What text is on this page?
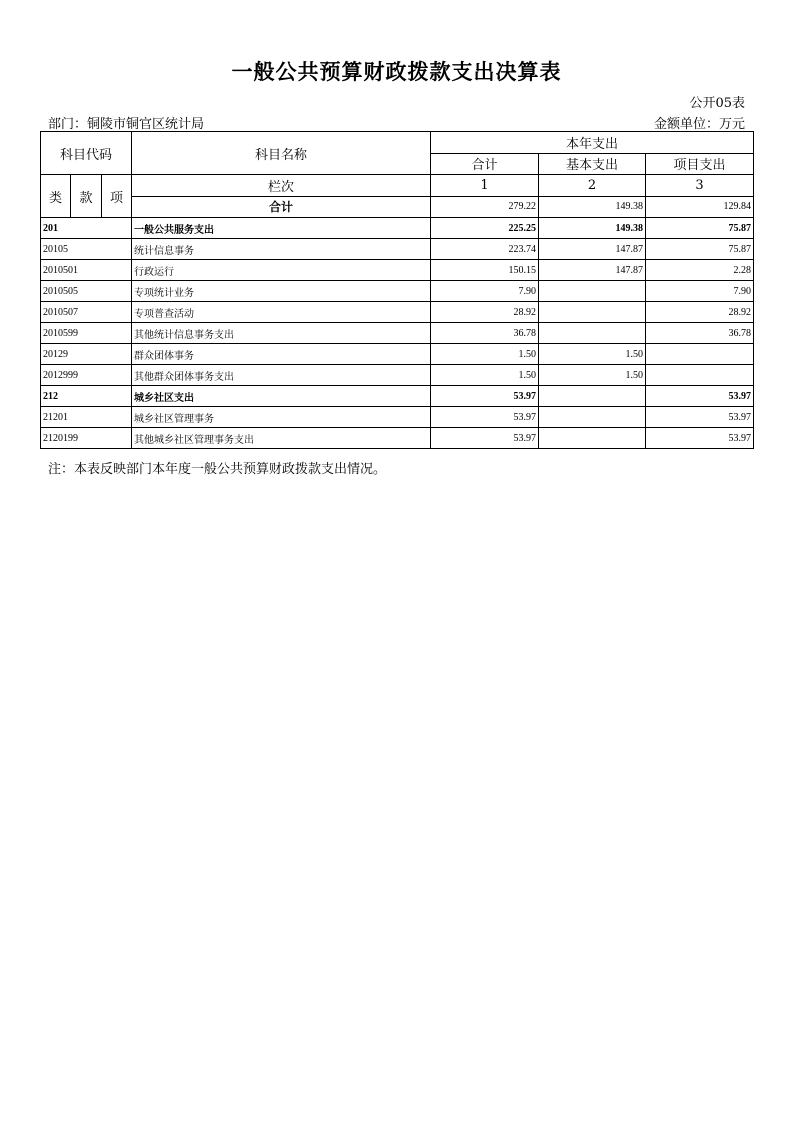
一般公共预算财政拨款支出决算表
公开05表
部门：铜陵市铜官区统计局	金额单位：万元
科目代码			科目名称	本年支出		
				合计	基本支出	项目支出
类	款	项	栏次	1	2	3
			合计	279.22	149.38	129.84
201			一般公共服务支出	225.25	149.38	75.87
20105			统计信息事务	223.74	147.87	75.87
2010501			行政运行	150.15	147.87	2.28
2010505			专项统计业务	7.90		7.90
2010507			专项普查活动	28.92		28.92
2010599			其他统计信息事务支出	36.78		36.78
20129			群众团体事务	1.50	1.50	
2012999			其他群众团体事务支出	1.50	1.50	
212			城乡社区支出	53.97		53.97
21201			城乡社区管理事务	53.97		53.97
2120199			其他城乡社区管理事务支出	53.97		53.97
注：本表反映部门本年度一般公共预算财政拨款支出情况。
